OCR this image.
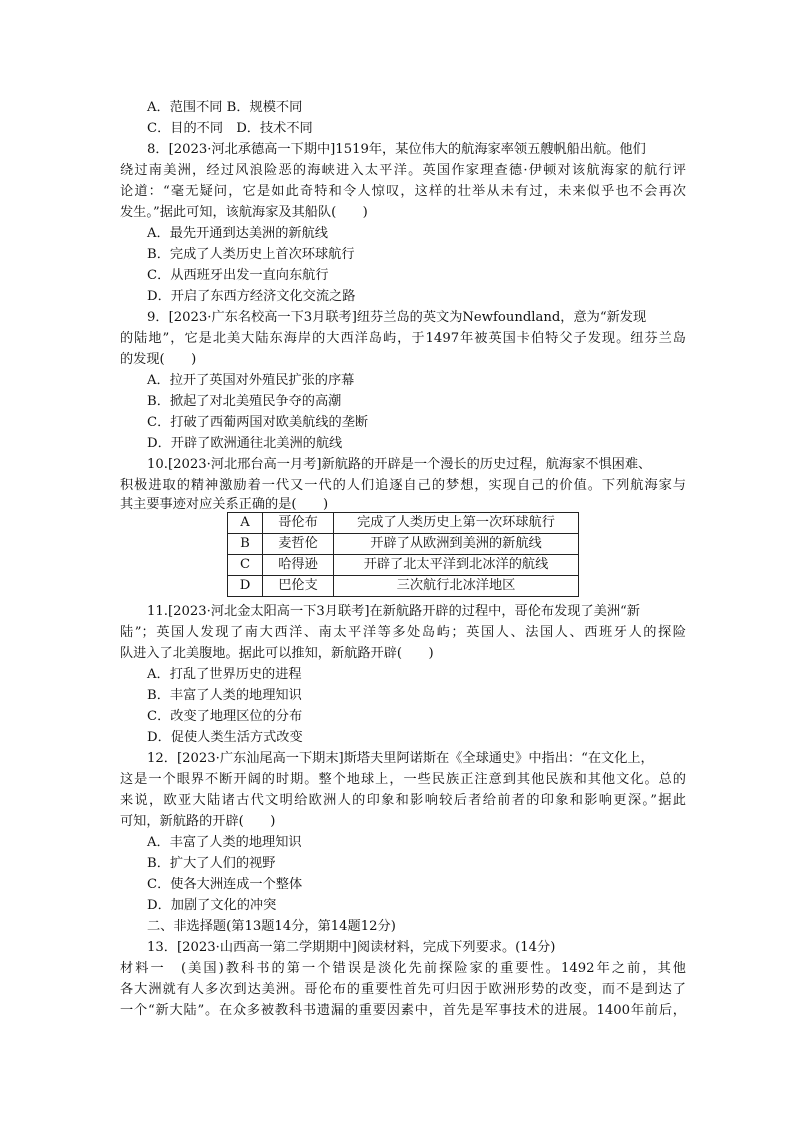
A．范围不同 B．规模不同
C．目的不同　D．技术不同
8．[2023·河北承德高一下期中]1519年，某位伟大的航海家率领五艘帆船出航。他们
绕过南美洲，经过风浪险恶的海峡进入太平洋。英国作家理查德·伊顿对该航海家的航行评
论道：“毫无疑问，它是如此奇特和令人惊叹，这样的壮举从未有过，未来似乎也不会再次
发生。”据此可知，该航海家及其船队(　　)
A．最先开通到达美洲的新航线
B．完成了人类历史上首次环球航行
C．从西班牙出发一直向东航行
D．开启了东西方经济文化交流之路
9．[2023·广东名校高一下3月联考]纽芬兰岛的英文为Newfoundland，意为“新发现
的陆地”，它是北美大陆东海岸的大西洋岛屿，于1497年被英国卡伯特父子发现。纽芬兰岛
的发现(　　)
A．拉开了英国对外殖民扩张的序幕
B．掀起了对北美殖民争夺的高潮
C．打破了西葡两国对欧美航线的垄断
D．开辟了欧洲通往北美洲的航线
10.[2023·河北邢台高一月考]新航路的开辟是一个漫长的历史过程，航海家不惧困难、
积极进取的精神激励着一代又一代的人们追逐自己的梦想，实现自己的价值。下列航海家与
其主要事迹对应关系正确的是(　　)
A	哥伦布	完成了人类历史上第一次环球航行
B	麦哲伦	开辟了从欧洲到美洲的新航线
C	哈得逊	开辟了北太平洋到北冰洋的航线
D	巴伦支	三次航行北冰洋地区
11.[2023·河北金太阳高一下3月联考]在新航路开辟的过程中，哥伦布发现了美洲“新
陆”；英国人发现了南大西洋、南太平洋等多处岛屿；英国人、法国人、西班牙人的探险
队进入了北美腹地。据此可以推知，新航路开辟(　　)
A．打乱了世界历史的进程
B．丰富了人类的地理知识
C．改变了地理区位的分布
D．促使人类生活方式改变
12．[2023·广东汕尾高一下期末]斯塔夫里阿诺斯在《全球通史》中指出：“在文化上，
这是一个眼界不断开阔的时期。整个地球上，一些民族正注意到其他民族和其他文化。总的
来说，欧亚大陆诸古代文明给欧洲人的印象和影响较后者给前者的印象和影响更深。”据此
可知，新航路的开辟(　　)
A．丰富了人类的地理知识
B．扩大了人们的视野
C．使各大洲连成一个整体
D．加剧了文化的冲突
二、非选择题(第13题14分，第14题12分)
13．[2023·山西高一第二学期期中]阅读材料，完成下列要求。(14分)
材料一　(美国)教科书的第一个错误是淡化先前探险家的重要性。1492年之前，其他
各大洲就有人多次到达美洲。哥伦布的重要性首先可归因于欧洲形势的改变，而不是到达了
一个“新大陆”。在众多被教科书遗漏的重要因素中，首先是军事技术的进展。1400年前后，
